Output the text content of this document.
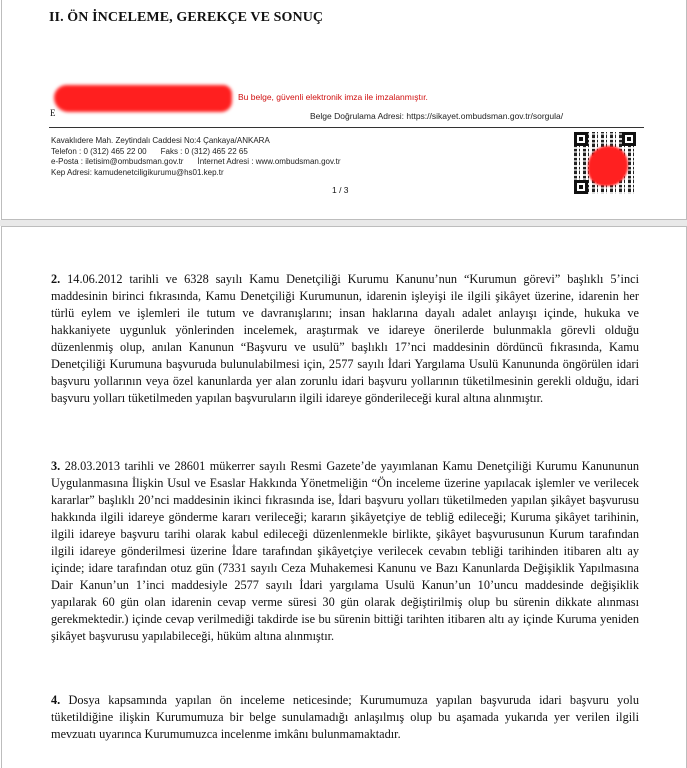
II. ÖN İNCELEME, GEREKÇE VE SONUÇ
E
Bu belge, güvenli elektronik imza ile imzalanmıştır.
Belge Doğrulama Adresi: https://sikayet.ombudsman.gov.tr/sorgula/
Kavaklıdere Mah. Zeytindalı Caddesi No:4 Çankaya/ANKARA
Telefon : 0 (312) 465 22 00 Faks : 0 (312) 465 22 65
e-Posta : iletisim@ombudsman.gov.tr İnternet Adresi : www.ombudsman.gov.tr
Kep Adresi: kamudenetciligikurumu@hs01.kep.tr
1 / 3
2. 14.06.2012 tarihli ve 6328 sayılı Kamu Denetçiliği Kurumu Kanunu’nun “Kurumun görevi” başlıklı 5’inci maddesinin birinci fıkrasında, Kamu Denetçiliği Kurumunun, idarenin işleyişi ile ilgili şikâyet üzerine, idarenin her türlü eylem ve işlemleri ile tutum ve davranışlarını; insan haklarına dayalı adalet anlayışı içinde, hukuka ve hakkaniyete uygunluk yönlerinden incelemek, araştırmak ve idareye önerilerde bulunmakla görevli olduğu düzenlenmiş olup, anılan Kanunun “Başvuru ve usulü” başlıklı 17’nci maddesinin dördüncü fıkrasında, Kamu Denetçiliği Kurumuna başvuruda bulunulabilmesi için, 2577 sayılı İdari Yargılama Usulü Kanununda öngörülen idari başvuru yollarının veya özel kanunlarda yer alan zorunlu idari başvuru yollarının tüketilmesinin gerekli olduğu, idari başvuru yolları tüketilmeden yapılan başvuruların ilgili idareye gönderileceği kural altına alınmıştır.
3. 28.03.2013 tarihli ve 28601 mükerrer sayılı Resmi Gazete’de yayımlanan Kamu Denetçiliği Kurumu Kanununun Uygulanmasına İlişkin Usul ve Esaslar Hakkında Yönetmeliğin “Ön inceleme üzerine yapılacak işlemler ve verilecek kararlar” başlıklı 20’nci maddesinin ikinci fıkrasında ise, İdari başvuru yolları tüketilmeden yapılan şikâyet başvurusu hakkında ilgili idareye gönderme kararı verileceği; kararın şikâyetçiye de tebliğ edileceği; Kuruma şikâyet tarihinin, ilgili idareye başvuru tarihi olarak kabul edileceği düzenlenmekle birlikte, şikâyet başvurusunun Kurum tarafından ilgili idareye gönderilmesi üzerine İdare tarafından şikâyetçiye verilecek cevabın tebliği tarihinden itibaren altı ay içinde; idare tarafından otuz gün (7331 sayılı Ceza Muhakemesi Kanunu ve Bazı Kanunlarda Değişiklik Yapılmasına Dair Kanun’un 1’inci maddesiyle 2577 sayılı İdari yargılama Usulü Kanun’un 10’uncu maddesinde değişiklik yapılarak 60 gün olan idarenin cevap verme süresi 30 gün olarak değiştirilmiş olup bu sürenin dikkate alınması gerekmektedir.) içinde cevap verilmediği takdirde ise bu sürenin bittiği tarihten itibaren altı ay içinde Kuruma yeniden şikâyet başvurusu yapılabileceği, hüküm altına alınmıştır.
4. Dosya kapsamında yapılan ön inceleme neticesinde; Kurumumuza yapılan başvuruda idari başvuru yolu tüketildiğine ilişkin Kurumumuza bir belge sunulamadığı anlaşılmış olup bu aşamada yukarıda yer verilen ilgili mevzuatı uyarınca Kurumumuzca incelenme imkânı bulunmamaktadır.
